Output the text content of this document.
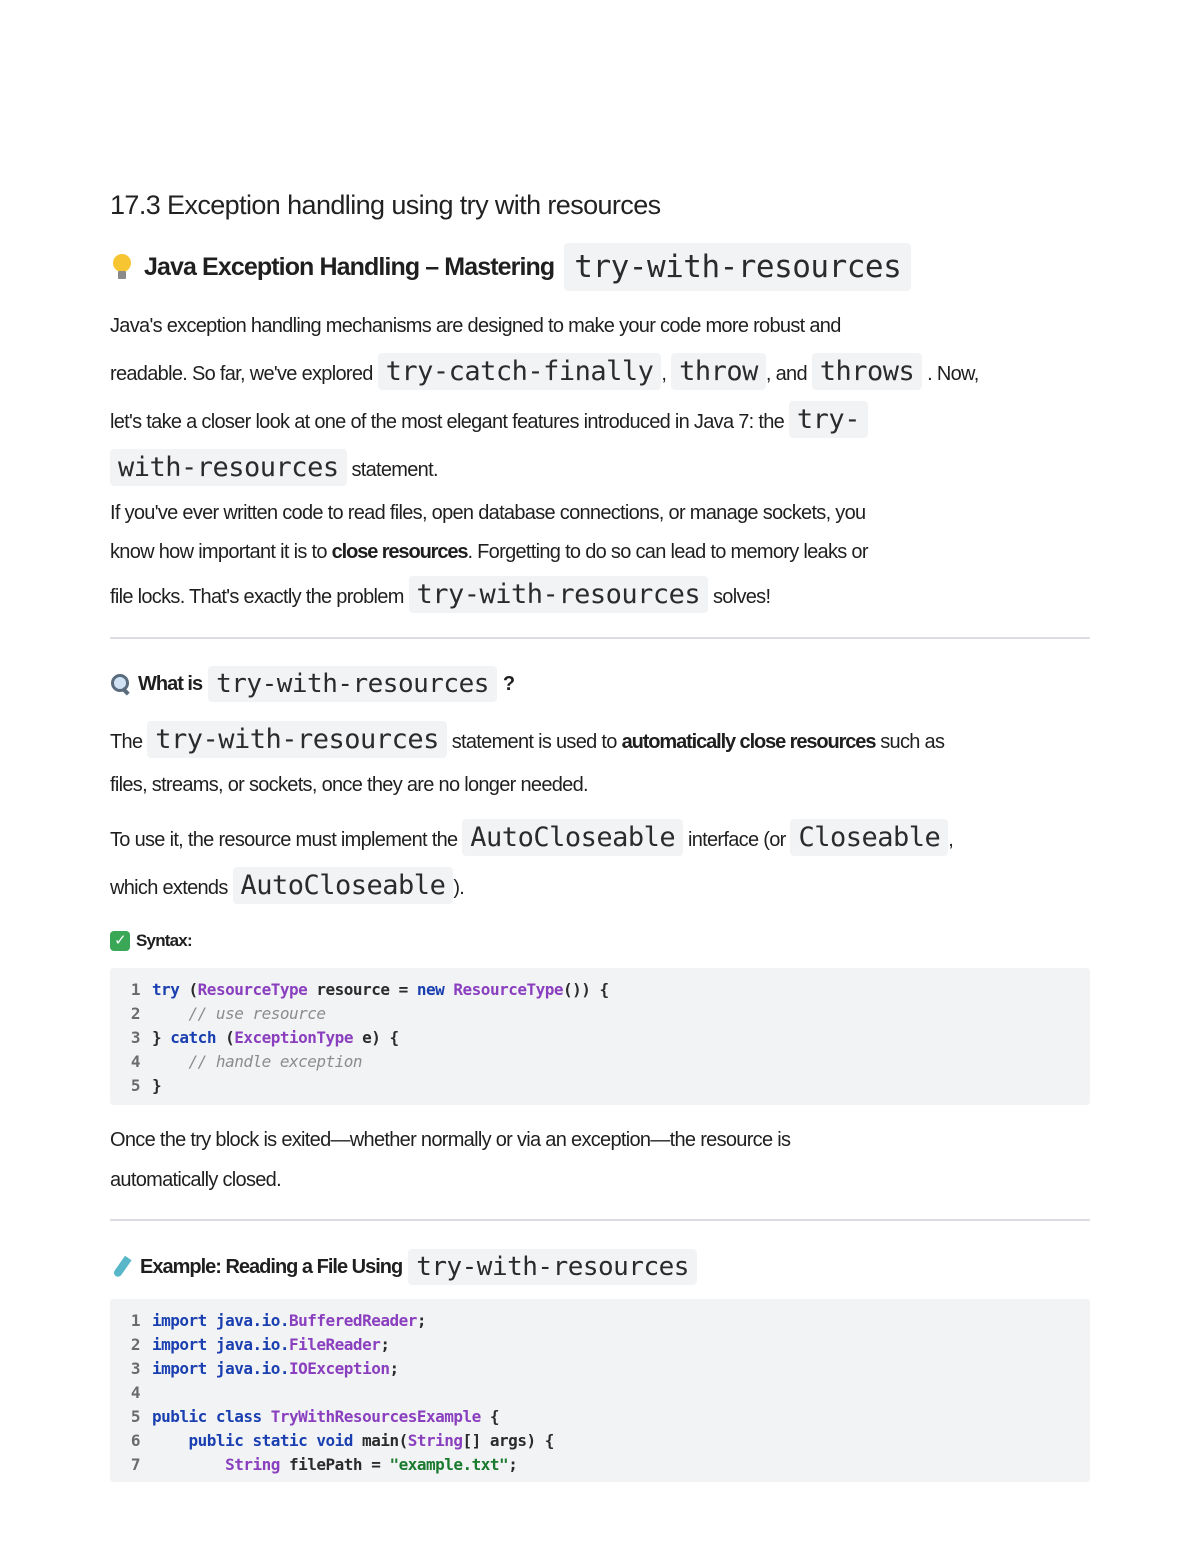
17.3 Exception handling using try with resources
Java Exception Handling – Mastering try-with-resources

Java's exception handling mechanisms are designed to make your code more robust and
readable. So far, we've explored try-catch-finally , throw , and throws . Now,
let's take a closer look at one of the most elegant features introduced in Java 7: the try-
with-resources statement.

If you've ever written code to read files, open database connections, or manage sockets, you
know how important it is to close resources. Forgetting to do so can lead to memory leaks or
file locks. That's exactly the problem try-with-resources solves!

What is try-with-resources ?

The try-with-resources statement is used to automatically close resources such as
files, streams, or sockets, once they are no longer needed.

To use it, the resource must implement the AutoCloseable interface (or Closeable ,
which extends AutoCloseable ).

✓ Syntax:
1 try ( ResourceType resource = new
ResourceType ()) {
2 // use resource
3 }
catch ( ExceptionType e) {
4 // handle exception
5 }

Once the try block is exited—whether normally or via an exception—the resource is
automatically closed.

Example: Reading a File Using try-with-resources
1 import java.io. BufferedReader ;
2 import java.io. FileReader ;
3 import java.io. IOException ;
4
5 public class
TryWithResourcesExample {
6
	public static void main( String [] args) {
7
	String filePath = "example.txt" ;
